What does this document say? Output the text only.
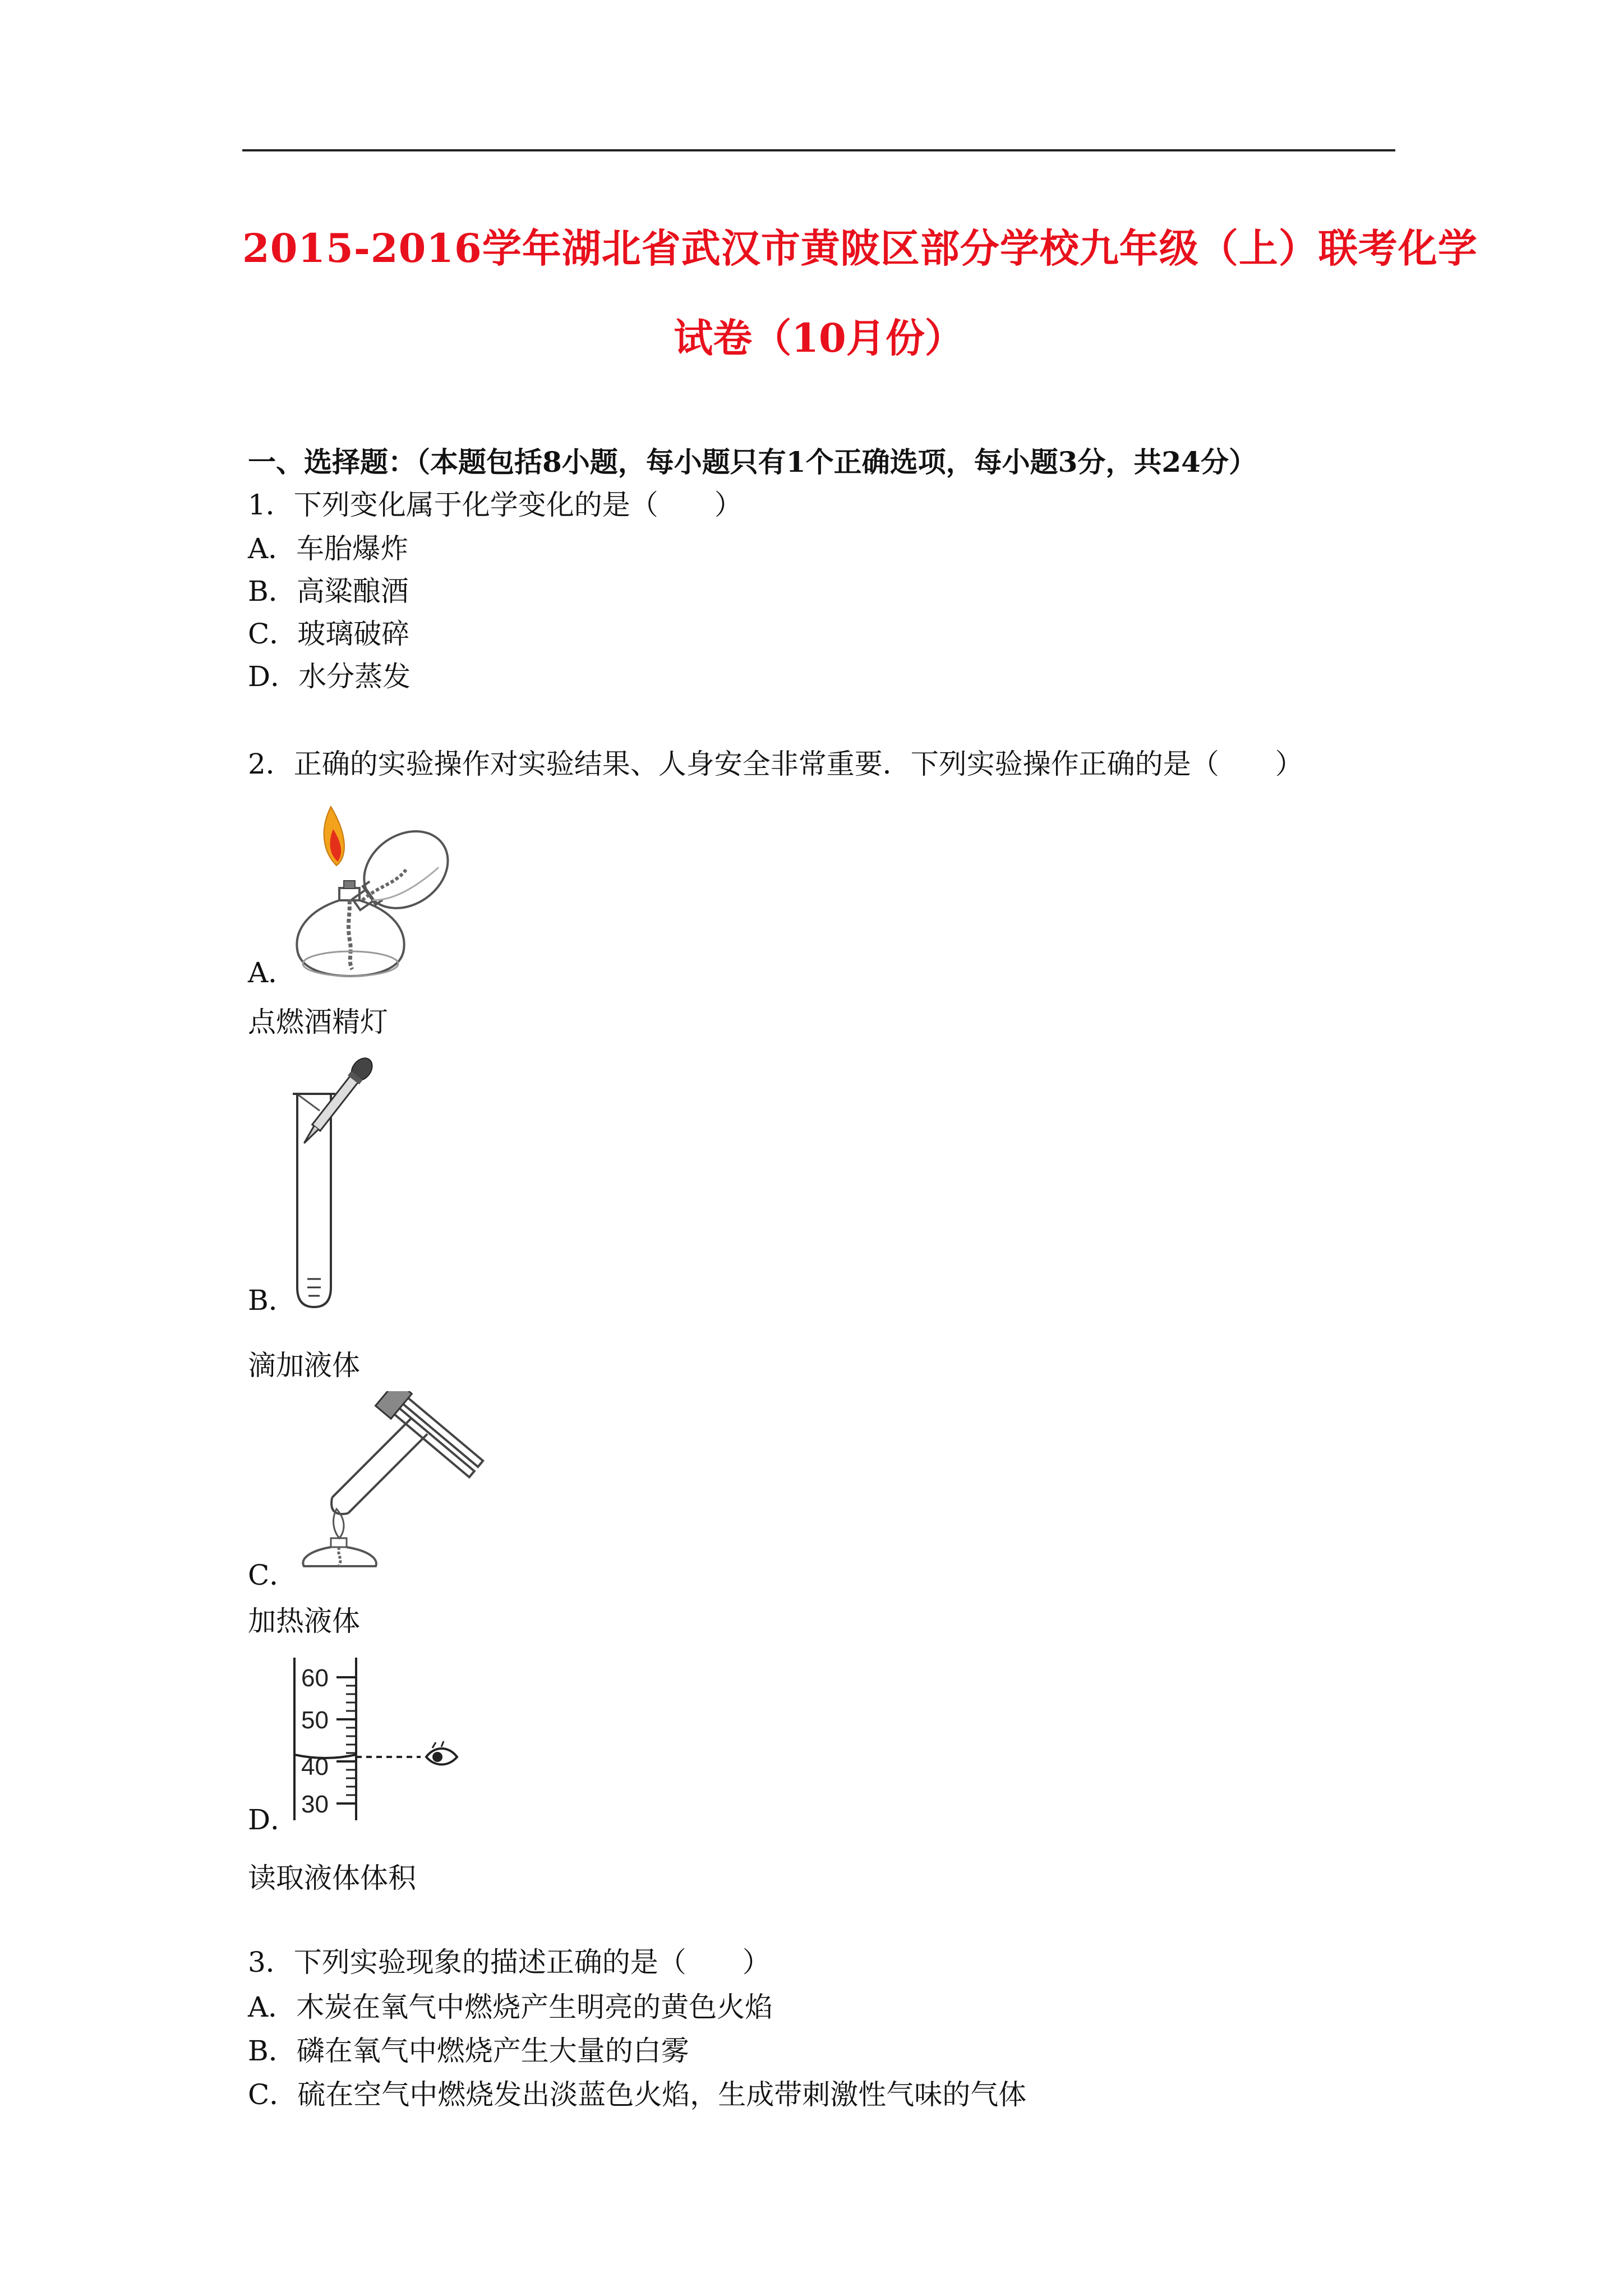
2015-2016学年湖北省武汉市黄陂区部分学校九年级（上）联考化学
试卷（10月份）
一、选择题：（本题包括8小题，每小题只有1个正确选项，每小题3分，共24分）
1．下列变化属于化学变化的是（　　）
A．车胎爆炸
B．高粱酿酒
C．玻璃破碎
D．水分蒸发
2．正确的实验操作对实验结果、人身安全非常重要．下列实验操作正确的是（　　）
A．
点燃酒精灯
B．
滴加液体
C．
加热液体
60
50
40
30
D．
读取液体体积
3．下列实验现象的描述正确的是（　　）
A．木炭在氧气中燃烧产生明亮的黄色火焰
B．磷在氧气中燃烧产生大量的白雾
C．硫在空气中燃烧发出淡蓝色火焰，生成带刺激性气味的气体
